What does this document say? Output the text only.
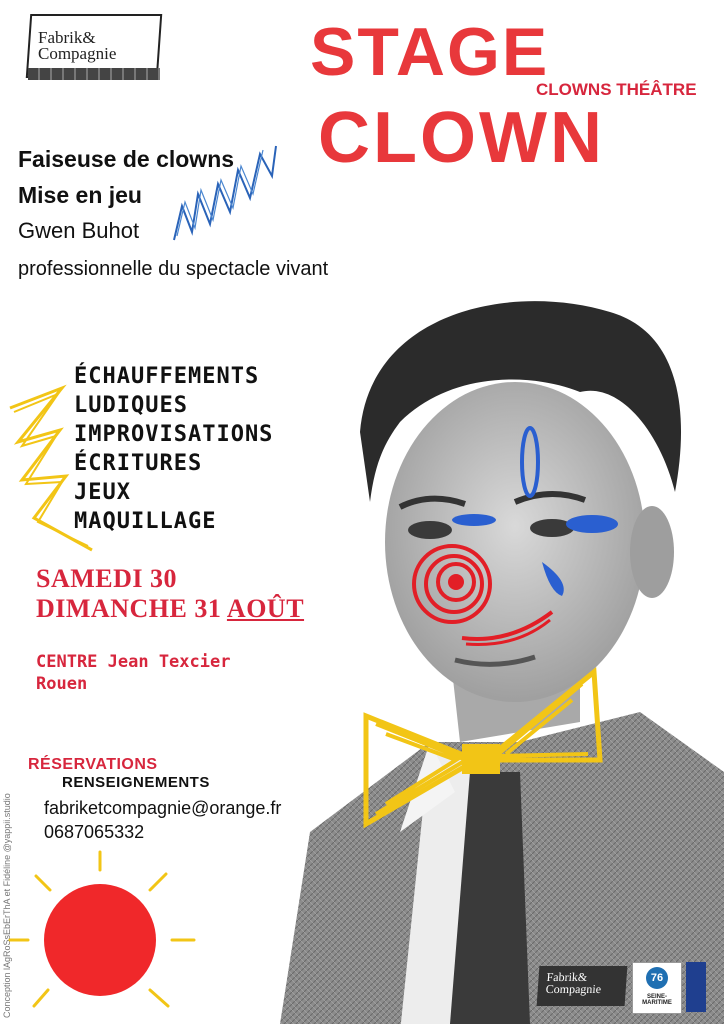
Fabrik&
Compagnie	STAGE
CLOWNS THÉÂTRE
CLOWN
Faiseuse de clowns
Mise en jeu
Gwen Buhot
professionnelle du spectacle vivant
ÉCHAUFFEMENTS
LUDIQUES
IMPROVISATIONS
ÉCRITURES
JEUX
MAQUILLAGE
SAMEDI 30
DIMANCHE 31 AOÛT
CENTRE Jean Texcier
Rouen
RÉSERVATIONS
RENSEIGNEMENTS
fabriketcompagnie@orange.fr
0687065332
Conception lAgRoSsEbErThA et Fidéline @yappii.studio	Fabrik& Compagnie
76
SEINE-MARITIME
